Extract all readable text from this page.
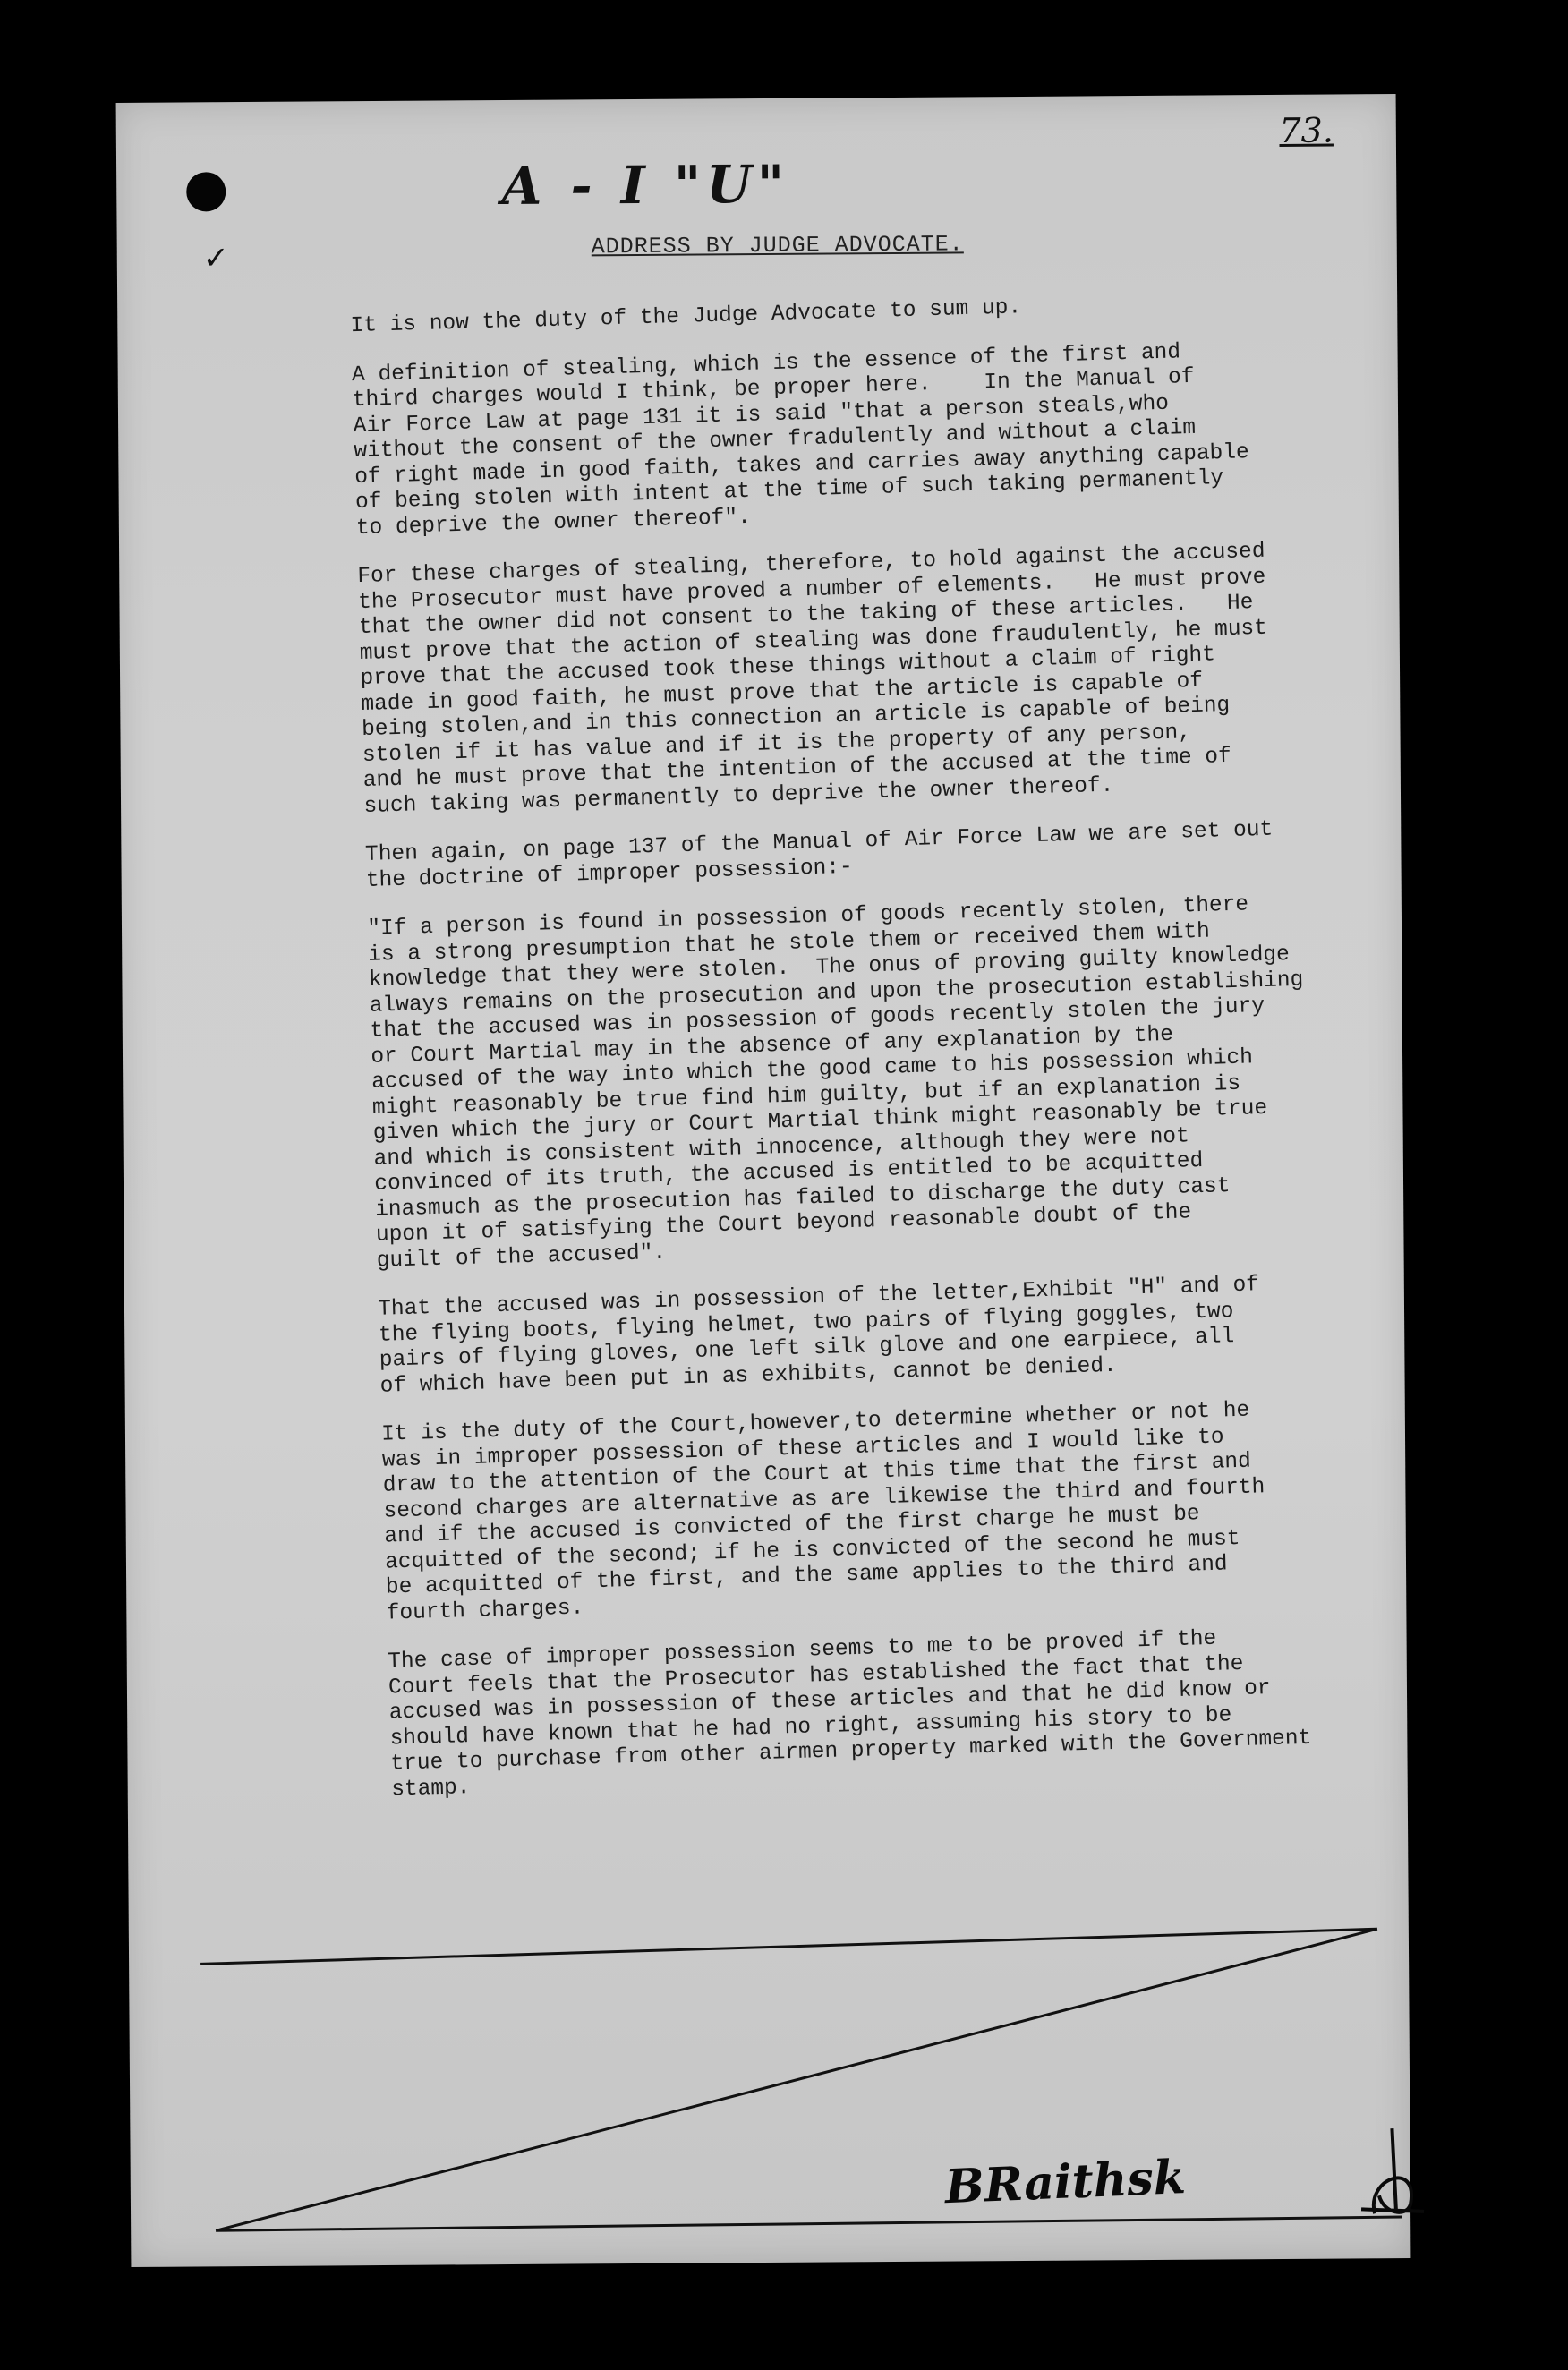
✓
A - I "U"
73.
ADDRESS BY JUDGE ADVOCATE.

It is now the duty of the Judge Advocate to sum up.

A definition of stealing, which is the essence of the first and
third charges would I think, be proper here.    In the Manual of
Air Force Law at page 131 it is said "that a person steals,who
without the consent of the owner fradulently and without a claim
of right made in good faith, takes and carries away anything capable
of being stolen with intent at the time of such taking permanently
to deprive the owner thereof".

For these charges of stealing, therefore, to hold against the accused
the Prosecutor must have proved a number of elements.   He must prove
that the owner did not consent to the taking of these articles.   He
must prove that the action of stealing was done fraudulently, he must
prove that the accused took these things without a claim of right
made in good faith, he must prove that the article is capable of
being stolen,and in this connection an article is capable of being
stolen if it has value and if it is the property of any person,
and he must prove that the intention of the accused at the time of
such taking was permanently to deprive the owner thereof.

Then again, on page 137 of the Manual of Air Force Law we are set out
the doctrine of improper possession:-

"If a person is found in possession of goods recently stolen, there
is a strong presumption that he stole them or received them with
knowledge that they were stolen.  The onus of proving guilty knowledge
always remains on the prosecution and upon the prosecution establishing
that the accused was in possession of goods recently stolen the jury
or Court Martial may in the absence of any explanation by the
accused of the way into which the good came to his possession which
might reasonably be true find him guilty, but if an explanation is
given which the jury or Court Martial think might reasonably be true
and which is consistent with innocence, although they were not
convinced of its truth, the accused is entitled to be acquitted
inasmuch as the prosecution has failed to discharge the duty cast
upon it of satisfying the Court beyond reasonable doubt of the
guilt of the accused".

That the accused was in possession of the letter,Exhibit "H" and of
the flying boots, flying helmet, two pairs of flying goggles, two
pairs of flying gloves, one left silk glove and one earpiece, all
of which have been put in as exhibits, cannot be denied.

It is the duty of the Court,however,to determine whether or not he
was in improper possession of these articles and I would like to
draw to the attention of the Court at this time that the first and
second charges are alternative as are likewise the third and fourth
and if the accused is convicted of the first charge he must be
acquitted of the second; if he is convicted of the second he must
be acquitted of the first, and the same applies to the third and
fourth charges.

The case of improper possession seems to me to be proved if the
Court feels that the Prosecutor has established the fact that the
accused was in possession of these articles and that he did know or
should have known that he had no right, assuming his story to be
true to purchase from other airmen property marked with the Government
stamp.

BRaithsk
